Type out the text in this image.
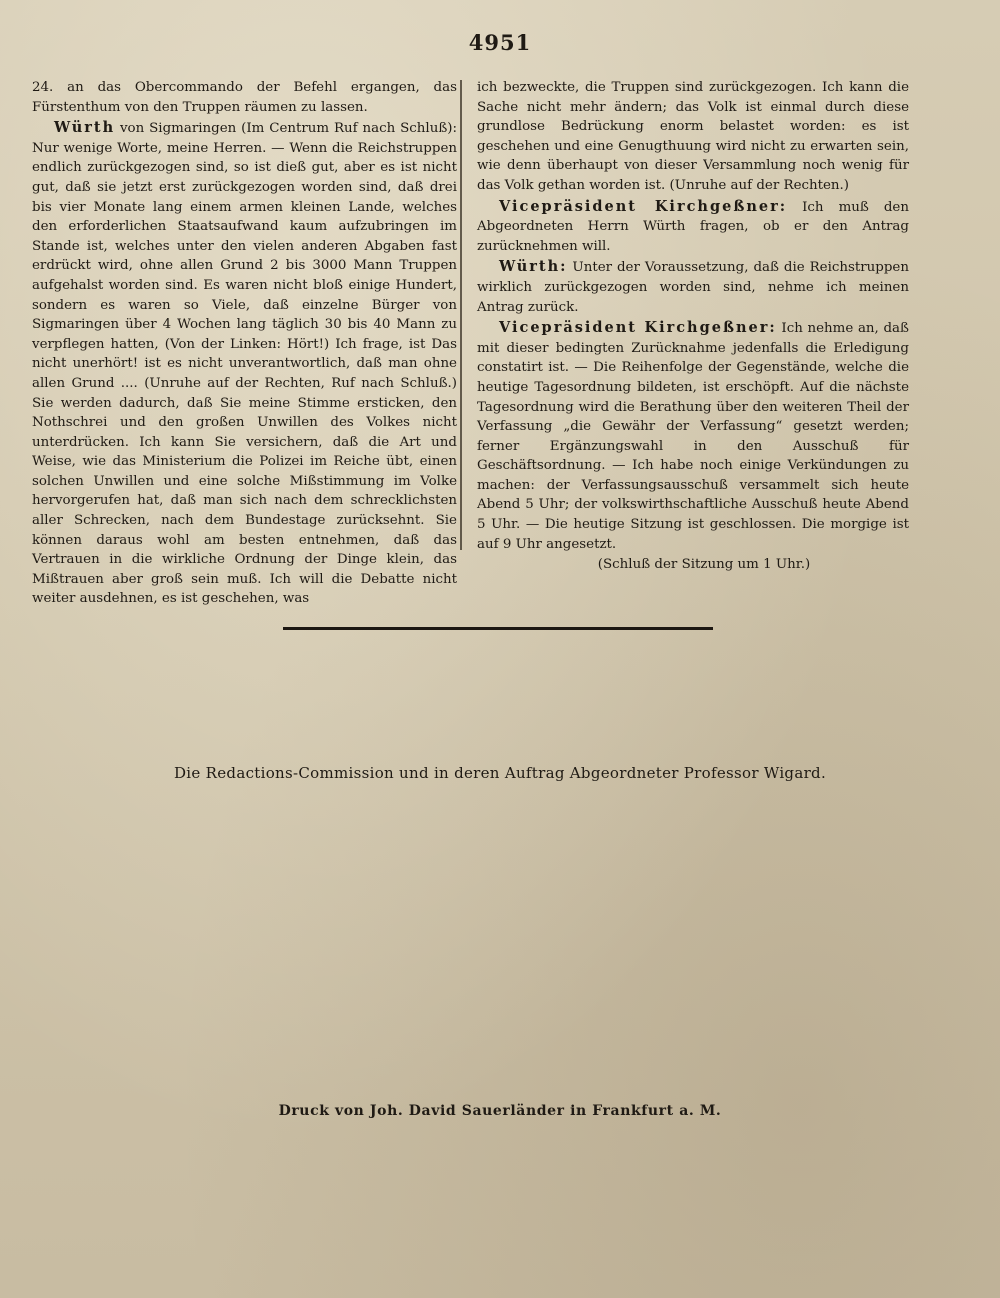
4951

24. an das Obercommando der Befehl ergangen, das Fürstenthum von den Truppen räumen zu lassen.

Würth von Sigmaringen (Im Centrum Ruf nach Schluß): Nur wenige Worte, meine Herren. — Wenn die Reichstruppen endlich zurückgezogen sind, so ist dieß gut, aber es ist nicht gut, daß sie jetzt erst zurückgezogen worden sind, daß drei bis vier Monate lang einem armen kleinen Lande, welches den erforderlichen Staatsaufwand kaum aufzubringen im Stande ist, welches unter den vielen anderen Abgaben fast erdrückt wird, ohne allen Grund 2 bis 3000 Mann Truppen aufgehalst worden sind. Es waren nicht bloß einige Hundert, sondern es waren so Viele, daß einzelne Bürger von Sigmaringen über 4 Wochen lang täglich 30 bis 40 Mann zu verpflegen hatten, (Von der Linken: Hört!) Ich frage, ist Das nicht unerhört! ist es nicht unverantwortlich, daß man ohne allen Grund .... (Unruhe auf der Rechten, Ruf nach Schluß.) Sie werden dadurch, daß Sie meine Stimme ersticken, den Nothschrei und den großen Unwillen des Volkes nicht unterdrücken. Ich kann Sie versichern, daß die Art und Weise, wie das Ministerium die Polizei im Reiche übt, einen solchen Unwillen und eine solche Mißstimmung im Volke hervorgerufen hat, daß man sich nach dem schrecklichsten aller Schrecken, nach dem Bundestage zurücksehnt. Sie können daraus wohl am besten entnehmen, daß das Vertrauen in die wirkliche Ordnung der Dinge klein, das Mißtrauen aber groß sein muß. Ich will die Debatte nicht weiter ausdehnen, es ist geschehen, was

ich bezweckte, die Truppen sind zurückgezogen. Ich kann die Sache nicht mehr ändern; das Volk ist einmal durch diese grundlose Bedrückung enorm belastet worden: es ist geschehen und eine Genugthuung wird nicht zu erwarten sein, wie denn überhaupt von dieser Versammlung noch wenig für das Volk gethan worden ist. (Unruhe auf der Rechten.)

Vicepräsident Kirchgeßner: Ich muß den Abgeordneten Herrn Würth fragen, ob er den Antrag zurücknehmen will.

Würth: Unter der Voraussetzung, daß die Reichstruppen wirklich zurückgezogen worden sind, nehme ich meinen Antrag zurück.

Vicepräsident Kirchgeßner: Ich nehme an, daß mit dieser bedingten Zurücknahme jedenfalls die Erledigung constatirt ist. — Die Reihenfolge der Gegenstände, welche die heutige Tagesordnung bildeten, ist erschöpft. Auf die nächste Tagesordnung wird die Berathung über den weiteren Theil der Verfassung „die Gewähr der Verfassung“ gesetzt werden; ferner Ergänzungswahl in den Ausschuß für Geschäftsordnung. — Ich habe noch einige Verkündungen zu machen: der Verfassungsausschuß versammelt sich heute Abend 5 Uhr; der volkswirthschaftliche Ausschuß heute Abend 5 Uhr. — Die heutige Sitzung ist geschlossen. Die morgige ist auf 9 Uhr angesetzt.

(Schluß der Sitzung um 1 Uhr.)

Die Redactions-Commission und in deren Auftrag Abgeordneter Professor Wigard.
Druck von Joh. David Sauerländer in Frankfurt a. M.
